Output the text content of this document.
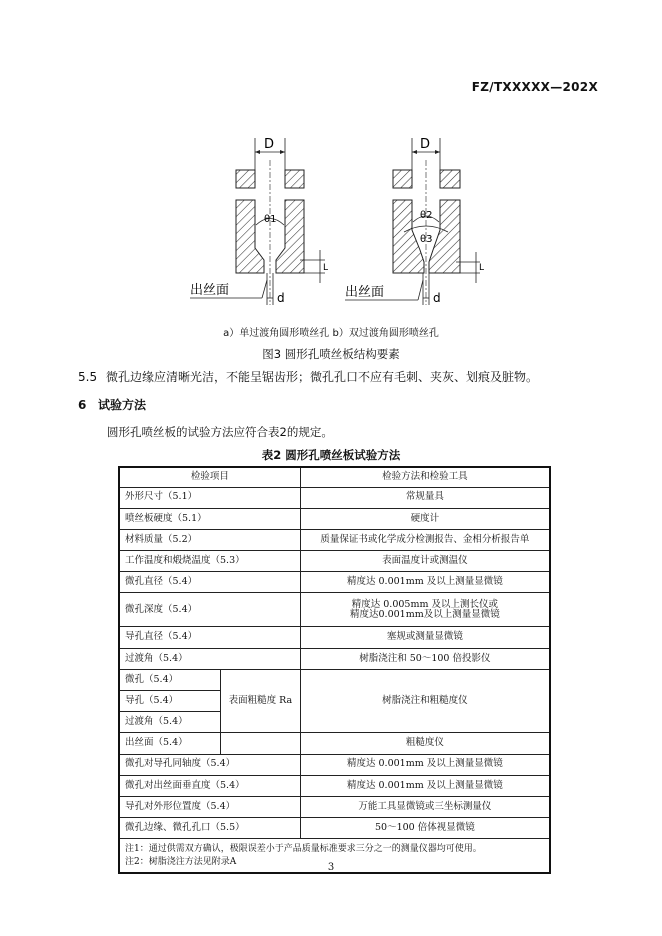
FZ/TXXXXX—202X
D
θ1
d
L
出丝面
D
θ2
θ3
d
L
出丝面
a）单过渡角圆形喷丝孔 b）双过渡角圆形喷丝孔
图3 圆形孔喷丝板结构要素
5.5 微孔边缘应清晰光洁，不能呈锯齿形；微孔孔口不应有毛刺、夹灰、划痕及脏物。
6 试验方法
圆形孔喷丝板的试验方法应符合表2的规定。
表2 圆形孔喷丝板试验方法
检验项目		检验方法和检验工具
外形尺寸（5.1）		常规量具
喷丝板硬度（5.1）		硬度计
材料质量（5.2）		质量保证书或化学成分检测报告、金相分析报告单
工作温度和煅烧温度（5.3）		表面温度计或测温仪
微孔直径（5.4）		精度达 0.001mm 及以上测量显微镜
微孔深度（5.4）		精度达 0.005mm 及以上测长仪或
精度达0.001mm及以上测量显微镜

导孔直径（5.4）		塞规或测量显微镜
过渡角（5.4）		树脂浇注和 50～100 倍投影仪
微孔（5.4）	表面粗糙度 Ra	树脂浇注和粗糙度仪
导孔（5.4）		
过渡角（5.4）		
出丝面（5.4）		粗糙度仪
微孔对导孔同轴度（5.4）		精度达 0.001mm 及以上测量显微镜
微孔对出丝面垂直度（5.4）		精度达 0.001mm 及以上测量显微镜
导孔对外形位置度（5.4）		万能工具显微镜或三坐标测量仪
微孔边缘、微孔孔口（5.5）		50～100 倍体视显微镜

注1：通过供需双方确认，极限误差小于产品质量标准要求三分之一的测量仪器均可使用。
注2：树脂浇注方法见附录A		
3
